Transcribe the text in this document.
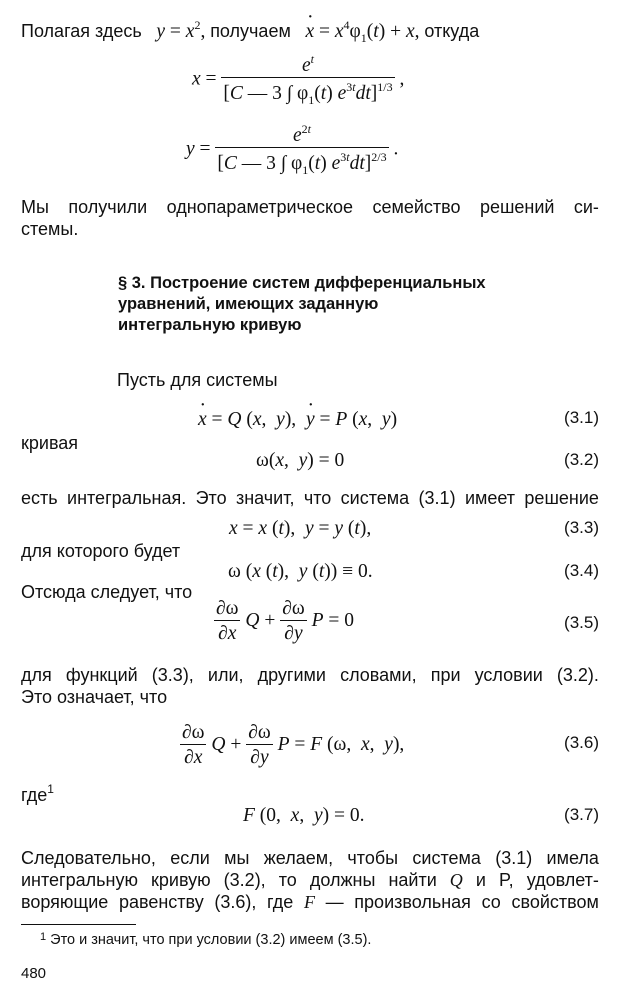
Полагая здесь $y = x^2$, получаем   · $x = x^4\varphi_1(t) + x$, откуда
$x = \frac{e^t}{[C — 3 \int \varphi_1(t) e^{3t}dt]^{1/3}}$ ,
$y = \frac{e^{2t}}{[C — 3 \int \varphi_1(t) e^{3t}dt]^{2/3}}$ .
Мы получили однопараметрическое семейство решений си-
стемы.
§ 3. Построение систем дифференциальных
уравнений, имеющих заданную
интегральную кривую
Пусть для системы
· x = Q (x,  y),  · y = P (x,  y)	(3.1)
кривая
ω(x,  y) = 0	(3.2)
есть интегральная. Это значит, что система (3.1) имеет решение
x = x (t),  y = y (t),	(3.3)
для которого будет
ω (x (t),  y (t)) ≡ 0.	(3.4)
Отсюда следует, что
$\frac{\partial\omega}{\partial x}$ $Q + \frac{\partial\omega}{\partial y}$ P = 0	(3.5)
для функций (3.3), или, другими словами, при условии (3.2).
Это означает, что
$\frac{\partial\omega}{\partial x}$ $Q + \frac{\partial\omega}{\partial y}$ P = F (ω,  x,  y),	(3.6)
где$^1$
F (0,  x,  y) = 0.	(3.7)
Следовательно, если мы желаем, чтобы система (3.1) имела
интегральную кривую (3.2), то должны найти Q и P, удовлет-
воряющие равенству (3.6), где F — произвольная со свойством
$^1$ Это и значит, что при условии (3.2) имеем (3.5).
480
